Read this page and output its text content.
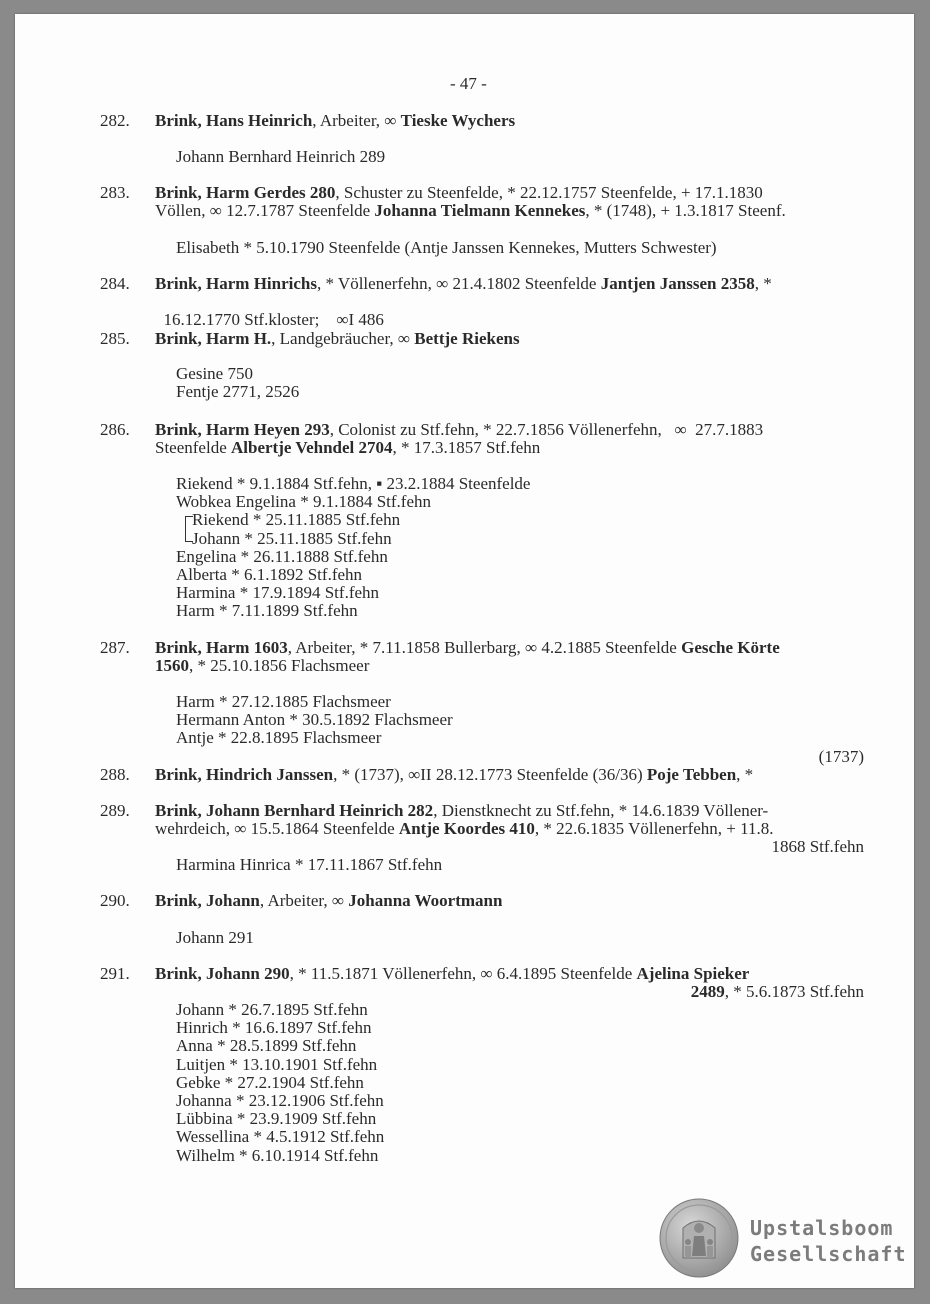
- 47 -
282. Brink, Hans Heinrich, Arbeiter, ∞ Tieske Wychers
Johann Bernhard Heinrich 289
283. Brink, Harm Gerdes 280, Schuster zu Steenfelde, * 22.12.1757 Steenfelde, + 17.1.1830
Völlen, ∞ 12.7.1787 Steenfelde Johanna Tielmann Kennekes, * (1748), + 1.3.1817 Steenf.
Elisabeth * 5.10.1790 Steenfelde (Antje Janssen Kennekes, Mutters Schwester)
284. Brink, Harm Hinrichs, * Völlenerfehn, ∞ 21.4.1802 Steenfelde Jantjen Janssen 2358, *

16.12.1770 Stf.kloster;    ∞I 486

285. Brink, Harm H., Landgebräucher, ∞ Bettje Riekens
Gesine 750
Fentje 2771, 2526
286. Brink, Harm Heyen 293, Colonist zu Stf.fehn, * 22.7.1856 Völlenerfehn,   ∞  27.7.1883
Steenfelde Albertje Vehndel 2704, * 17.3.1857 Stf.fehn
Riekend * 9.1.1884 Stf.fehn, ▪ 23.2.1884 Steenfelde
Wobkea Engelina * 9.1.1884 Stf.fehn
Riekend * 25.11.1885 Stf.fehn
Johann * 25.11.1885 Stf.fehn
Engelina * 26.11.1888 Stf.fehn
Alberta * 6.1.1892 Stf.fehn
Harmina * 17.9.1894 Stf.fehn
Harm * 7.11.1899 Stf.fehn
287. Brink, Harm 1603, Arbeiter, * 7.11.1858 Bullerbarg, ∞ 4.2.1885 Steenfelde Gesche Körte
1560, * 25.10.1856 Flachsmeer
Harm * 27.12.1885 Flachsmeer
Hermann Anton * 30.5.1892 Flachsmeer
Antje * 22.8.1895 Flachsmeer
(1737)
288. Brink, Hindrich Janssen, * (1737), ∞II 28.12.1773 Steenfelde (36/36) Poje Tebben, *
289. Brink, Johann Bernhard Heinrich 282, Dienstknecht zu Stf.fehn, * 14.6.1839 Völlener-
wehrdeich, ∞ 15.5.1864 Steenfelde Antje Koordes 410, * 22.6.1835 Völlenerfehn, + 11.8.
1868 Stf.fehn
Harmina Hinrica * 17.11.1867 Stf.fehn
290. Brink, Johann, Arbeiter, ∞ Johanna Woortmann
Johann 291
291. Brink, Johann 290, * 11.5.1871 Völlenerfehn, ∞ 6.4.1895 Steenfelde Ajelina Spieker
2489, * 5.6.1873 Stf.fehn
Johann * 26.7.1895 Stf.fehn
Hinrich * 16.6.1897 Stf.fehn
Anna * 28.5.1899 Stf.fehn
Luitjen * 13.10.1901 Stf.fehn
Gebke * 27.2.1904 Stf.fehn
Johanna * 23.12.1906 Stf.fehn
Lübbina * 23.9.1909 Stf.fehn
Wessellina * 4.5.1912 Stf.fehn
Wilhelm * 6.10.1914 Stf.fehn
Upstalsboom
Gesellschaft
